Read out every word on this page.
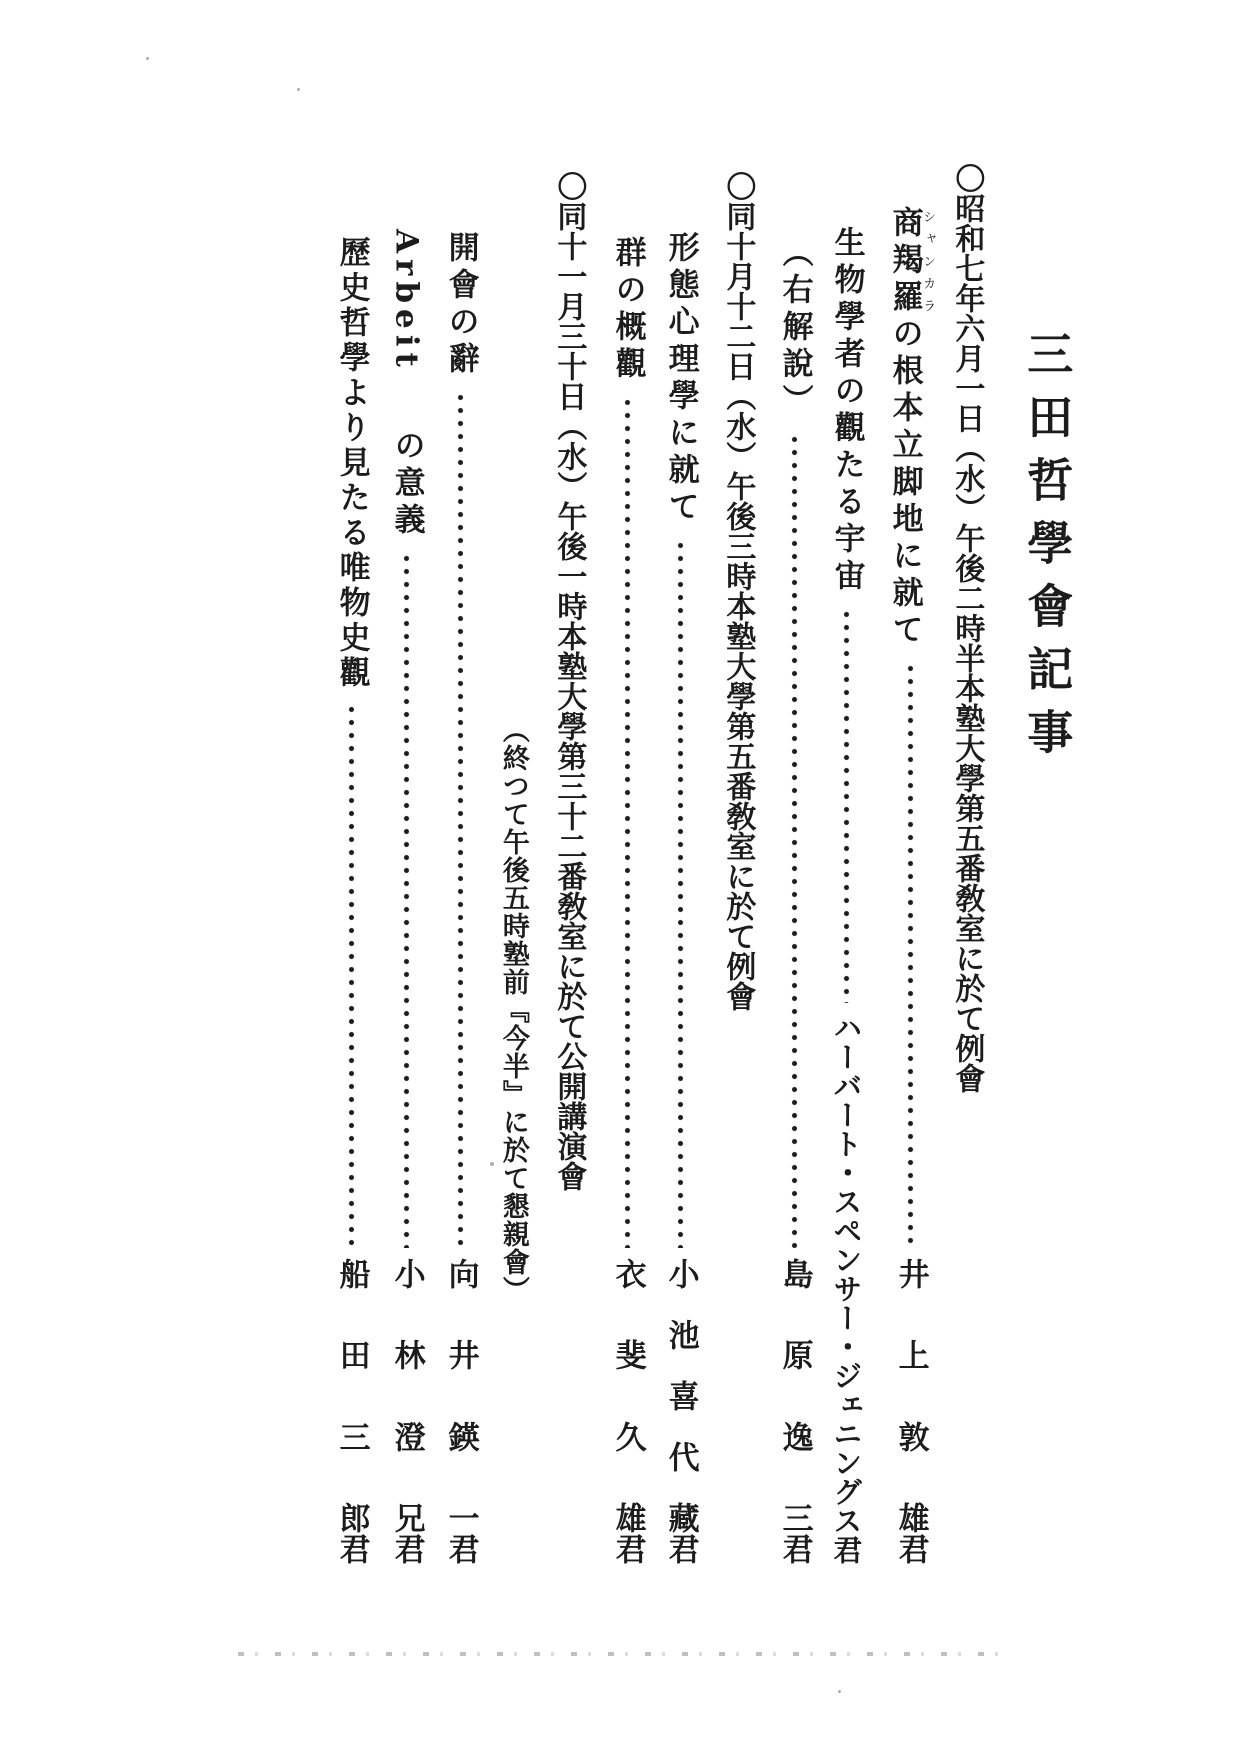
三田哲學會記事
〇昭和七年六月一日（水）午後二時半本塾大學第五番敎室に於て例會
商羯羅シャンカラの根本立脚地に就て
井
上
敦
雄君
生物學者の觀たる宇宙
ハーバート・スペンサー・ジェニングス君
（右解說）
島
原
逸
三君
〇同十月十二日（水）午後三時本塾大學第五番敎室に於て例會
形態心理學に就て
小
池
喜
代
藏君
群の概觀
衣
斐
久
雄君
〇同十一月三十日（水）午後一時本塾大學第三十二番敎室に於て公開講演會
（終つて午後五時塾前『今半』に於て懇親會）
開會の辭
向
井
鍈
一君
Arbeit
の意義
小
林
澄
兄君
歷史哲學より見たる唯物史觀
船
田
三
郎君
